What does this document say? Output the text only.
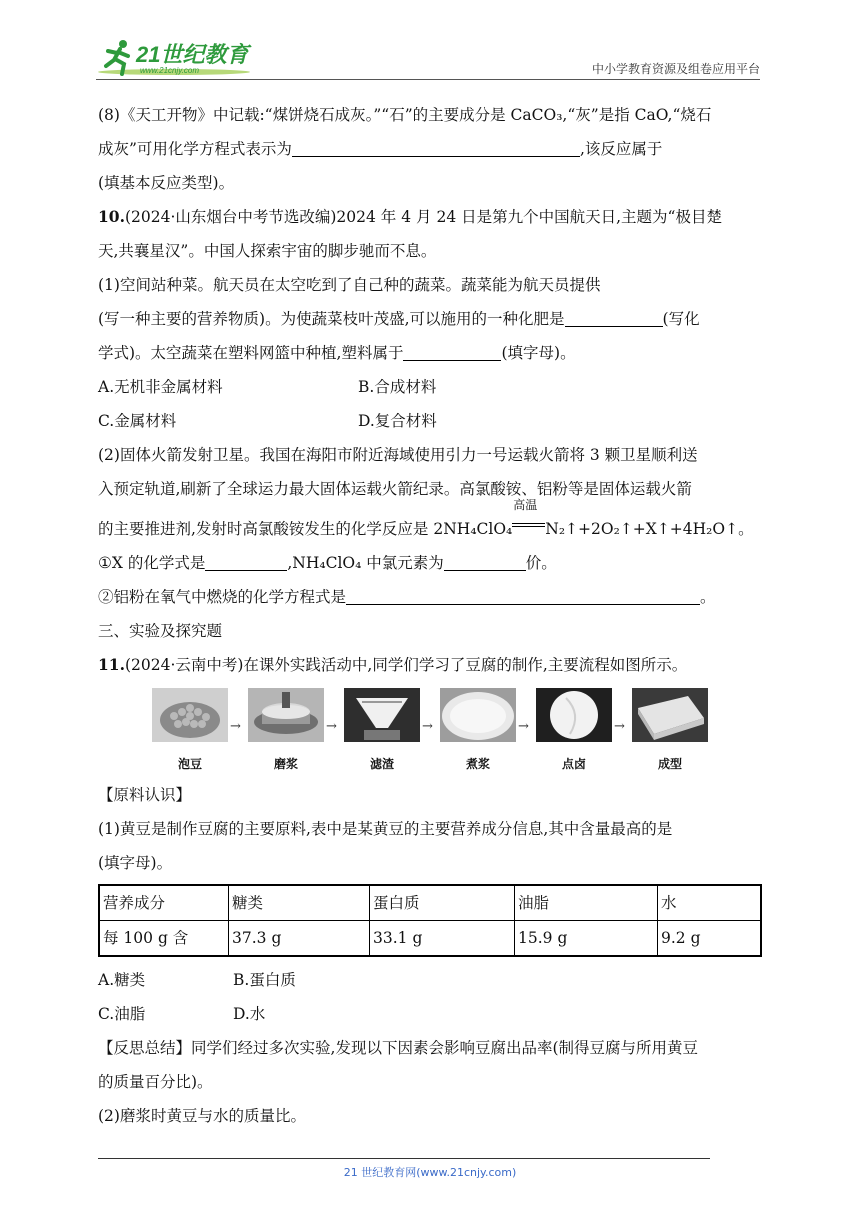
21世纪教育
www.21cnjy.com	中小学教育资源及组卷应用平台
(8)《天工开物》中记载:“煤饼烧石成灰。”“石”的主要成分是 CaCO₃,“灰”是指 CaO,“烧石
成灰”可用化学方程式表示为	,该反应属于
(填基本反应类型)。
10.(2024·山东烟台中考节选改编)2024 年 4 月 24 日是第九个中国航天日,主题为“极目楚
天,共襄星汉”。中国人探索宇宙的脚步驰而不息。
(1)空间站种菜。航天员在太空吃到了自己种的蔬菜。蔬菜能为航天员提供
(写一种主要的营养物质)。为使蔬菜枝叶茂盛,可以施用的一种化肥是	(写化
学式)。太空蔬菜在塑料网篮中种植,塑料属于	(填字母)。
A.无机非金属材料	B.合成材料
C.金属材料	D.复合材料
(2)固体火箭发射卫星。我国在海阳市附近海域使用引力一号运载火箭将 3 颗卫星顺利送
入预定轨道,刷新了全球运力最大固体运载火箭纪录。高氯酸铵、铝粉等是固体运载火箭
的主要推进剂,发射时高氯酸铵发生的化学反应是 2NH₄ClO₄
高温
N₂↑+2O₂↑+X↑+4H₂O↑。
①X 的化学式是	,NH₄ClO₄ 中氯元素为	价。
②铝粉在氧气中燃烧的化学方程式是	。
三、实验及探究题
11.(2024·云南中考)在课外实践活动中,同学们学习了豆腐的制作,主要流程如图所示。
泡豆
→
磨浆
→
滤渣
→
煮浆
→
点卤
→
成型
【原料认识】
(1)黄豆是制作豆腐的主要原料,表中是某黄豆的主要营养成分信息,其中含量最高的是
(填字母)。
营养成分	糖类	蛋白质	油脂	水
每 100 g 含	37.3 g	33.1 g	15.9 g	9.2 g
A.糖类	B.蛋白质
C.油脂	D.水
【反思总结】同学们经过多次实验,发现以下因素会影响豆腐出品率(制得豆腐与所用黄豆
的质量百分比)。
(2)磨浆时黄豆与水的质量比。
21 世纪教育网(www.21cnjy.com)
